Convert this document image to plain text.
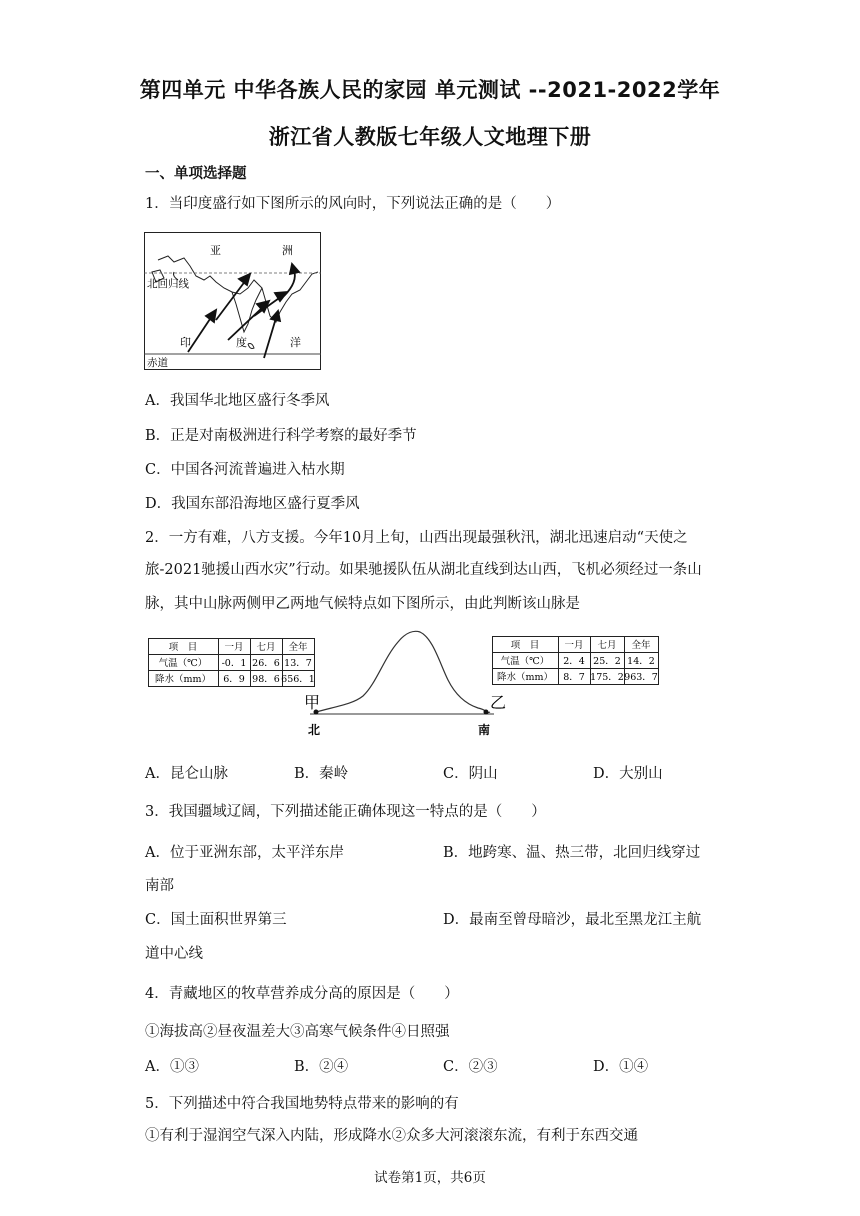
第四单元 中华各族人民的家园 单元测试 --2021-2022学年
浙江省人教版七年级人文地理下册
一、单项选择题
1．当印度盛行如下图所示的风向时，下列说法正确的是（　　）
亚	洲
北回归线
印	度	洋
赤道
A．我国华北地区盛行冬季风
B．正是对南极洲进行科学考察的最好季节
C．中国各河流普遍进入枯水期
D．我国东部沿海地区盛行夏季风
2．一方有难，八方支援。今年10月上旬，山西出现最强秋汛，湖北迅速启动“天使之
旅-2021驰援山西水灾”行动。如果驰援队伍从湖北直线到达山西，飞机必须经过一条山
脉，其中山脉两侧甲乙两地气候特点如下图所示，由此判断该山脉是
项　目	一月 七月 全年
气温（℃） -0．1 26．6 13．7
降水（mm） 6．9 98．6 656．1
项　目	一月 七月 全年
气温（℃） 2．4 25．2 14．2
降水（mm） 8．7 175．2 963．7
甲	乙
北	南
A．昆仑山脉	B．秦岭	C．阴山	D．大别山
3．我国疆域辽阔，下列描述能正确体现这一特点的是（　　）
A．位于亚洲东部，太平洋东岸	B．地跨寒、温、热三带，北回归线穿过
南部
C．国土面积世界第三	D．最南至曾母暗沙，最北至黑龙江主航
道中心线
4．青藏地区的牧草营养成分高的原因是（　　）
①海拔高②昼夜温差大③高寒气候条件④日照强
A．①③	B．②④	C．②③	D．①④
5．下列描述中符合我国地势特点带来的影响的有
①有利于湿润空气深入内陆，形成降水②众多大河滚滚东流，有利于东西交通
试卷第1页，共6页
